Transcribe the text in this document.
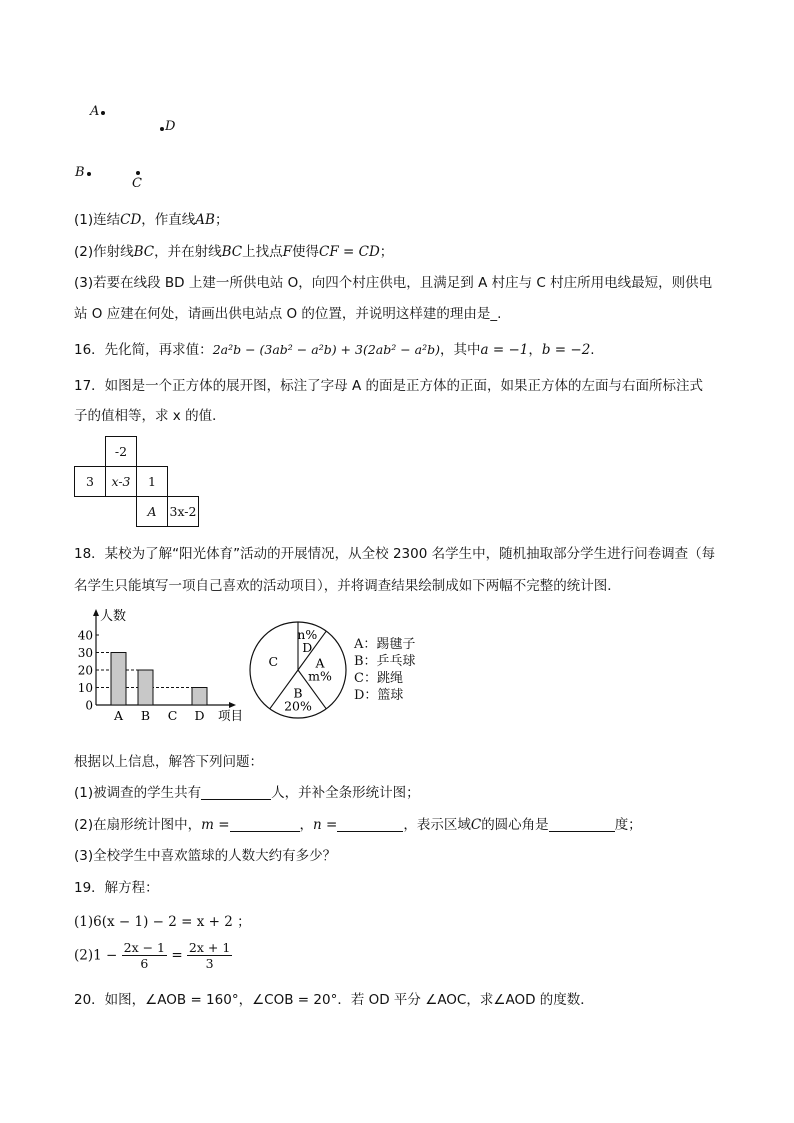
A
D
B
C
(1)连结CD，作直线AB；
(2)作射线BC，并在射线BC上找点F使得CF = CD；
(3)若要在线段 BD 上建一所供电站 O，向四个村庄供电，且满足到 A 村庄与 C 村庄所用电线最短，则供电
站 O 应建在何处，请画出供电站点 O 的位置，并说明这样建的理由是_.
16．先化简，再求值：2a²b − (3ab² − a²b) + 3(2ab² − a²b)，其中a = −1，b = −2.
17．如图是一个正方体的展开图，标注了字母 A 的面是正方体的正面，如果正方体的左面与右面所标注式
子的值相等，求 x 的值．
	-2		
3	x-3	1	
		A	3x-2
18．某校为了解“阳光体育”活动的开展情况，从全校 2300 名学生中，随机抽取部分学生进行问卷调查（每
名学生只能填写一项自己喜欢的活动项目），并将调查结果绘制成如下两幅不完整的统计图．
人数
项目
0
10
20
30
40
A B C D
n%
D
A
m%
B
20%
C
A：踢毽子
B：乒乓球
C：跳绳
D：篮球
根据以上信息，解答下列问题：
(1)被调查的学生共有	人，并补全条形统计图；
(2)在扇形统计图中，m =	，n =	，表示区域C的圆心角是	度；
(3)全校学生中喜欢篮球的人数大约有多少？
19．解方程：
(1)6(x − 1) − 2 = x + 2 ；
$(2)1 - \frac{2x - 1}{6} = \frac{2x + 1}{3}$
20．如图，∠AOB = 160°，∠COB = 20°．若 OD 平分 ∠AOC，求∠AOD 的度数．
